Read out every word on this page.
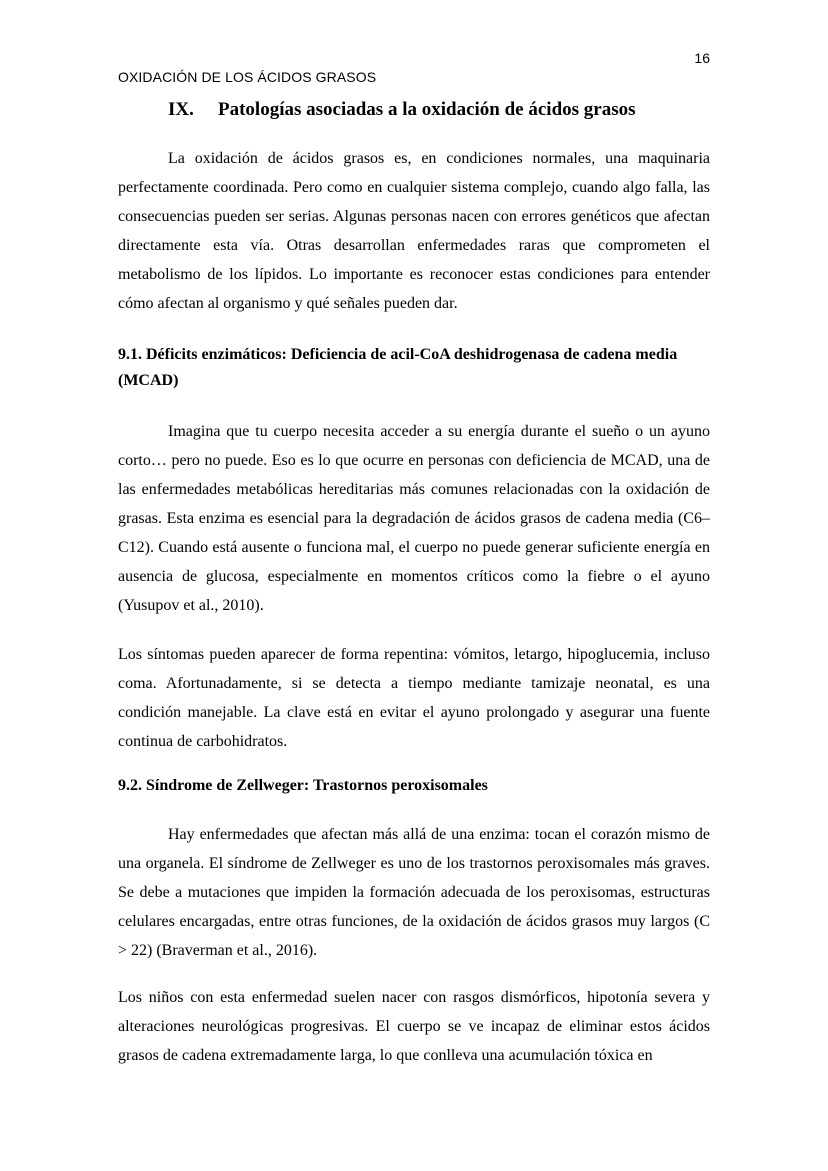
16
OXIDACIÓN DE LOS ÁCIDOS GRASOS
IX. Patologías asociadas a la oxidación de ácidos grasos

La oxidación de ácidos grasos es, en condiciones normales, una maquinaria perfectamente coordinada. Pero como en cualquier sistema complejo, cuando algo falla, las consecuencias pueden ser serias. Algunas personas nacen con errores genéticos que afectan directamente esta vía. Otras desarrollan enfermedades raras que comprometen el metabolismo de los lípidos. Lo importante es reconocer estas condiciones para entender cómo afectan al organismo y qué señales pueden dar.

9.1. Déficits enzimáticos: Deficiencia de acil-CoA deshidrogenasa de cadena media (MCAD)

Imagina que tu cuerpo necesita acceder a su energía durante el sueño o un ayuno corto… pero no puede. Eso es lo que ocurre en personas con deficiencia de MCAD, una de las enfermedades metabólicas hereditarias más comunes relacionadas con la oxidación de grasas. Esta enzima es esencial para la degradación de ácidos grasos de cadena media (C6–C12). Cuando está ausente o funciona mal, el cuerpo no puede generar suficiente energía en ausencia de glucosa, especialmente en momentos críticos como la fiebre o el ayuno (Yusupov et al., 2010).

Los síntomas pueden aparecer de forma repentina: vómitos, letargo, hipoglucemia, incluso coma. Afortunadamente, si se detecta a tiempo mediante tamizaje neonatal, es una condición manejable. La clave está en evitar el ayuno prolongado y asegurar una fuente continua de carbohidratos.

9.2. Síndrome de Zellweger: Trastornos peroxisomales

Hay enfermedades que afectan más allá de una enzima: tocan el corazón mismo de una organela. El síndrome de Zellweger es uno de los trastornos peroxisomales más graves. Se debe a mutaciones que impiden la formación adecuada de los peroxisomas, estructuras celulares encargadas, entre otras funciones, de la oxidación de ácidos grasos muy largos (C > 22) (Braverman et al., 2016).

Los niños con esta enfermedad suelen nacer con rasgos dismórficos, hipotonía severa y alteraciones neurológicas progresivas. El cuerpo se ve incapaz de eliminar estos ácidos grasos de cadena extremadamente larga, lo que conlleva una acumulación tóxica en
